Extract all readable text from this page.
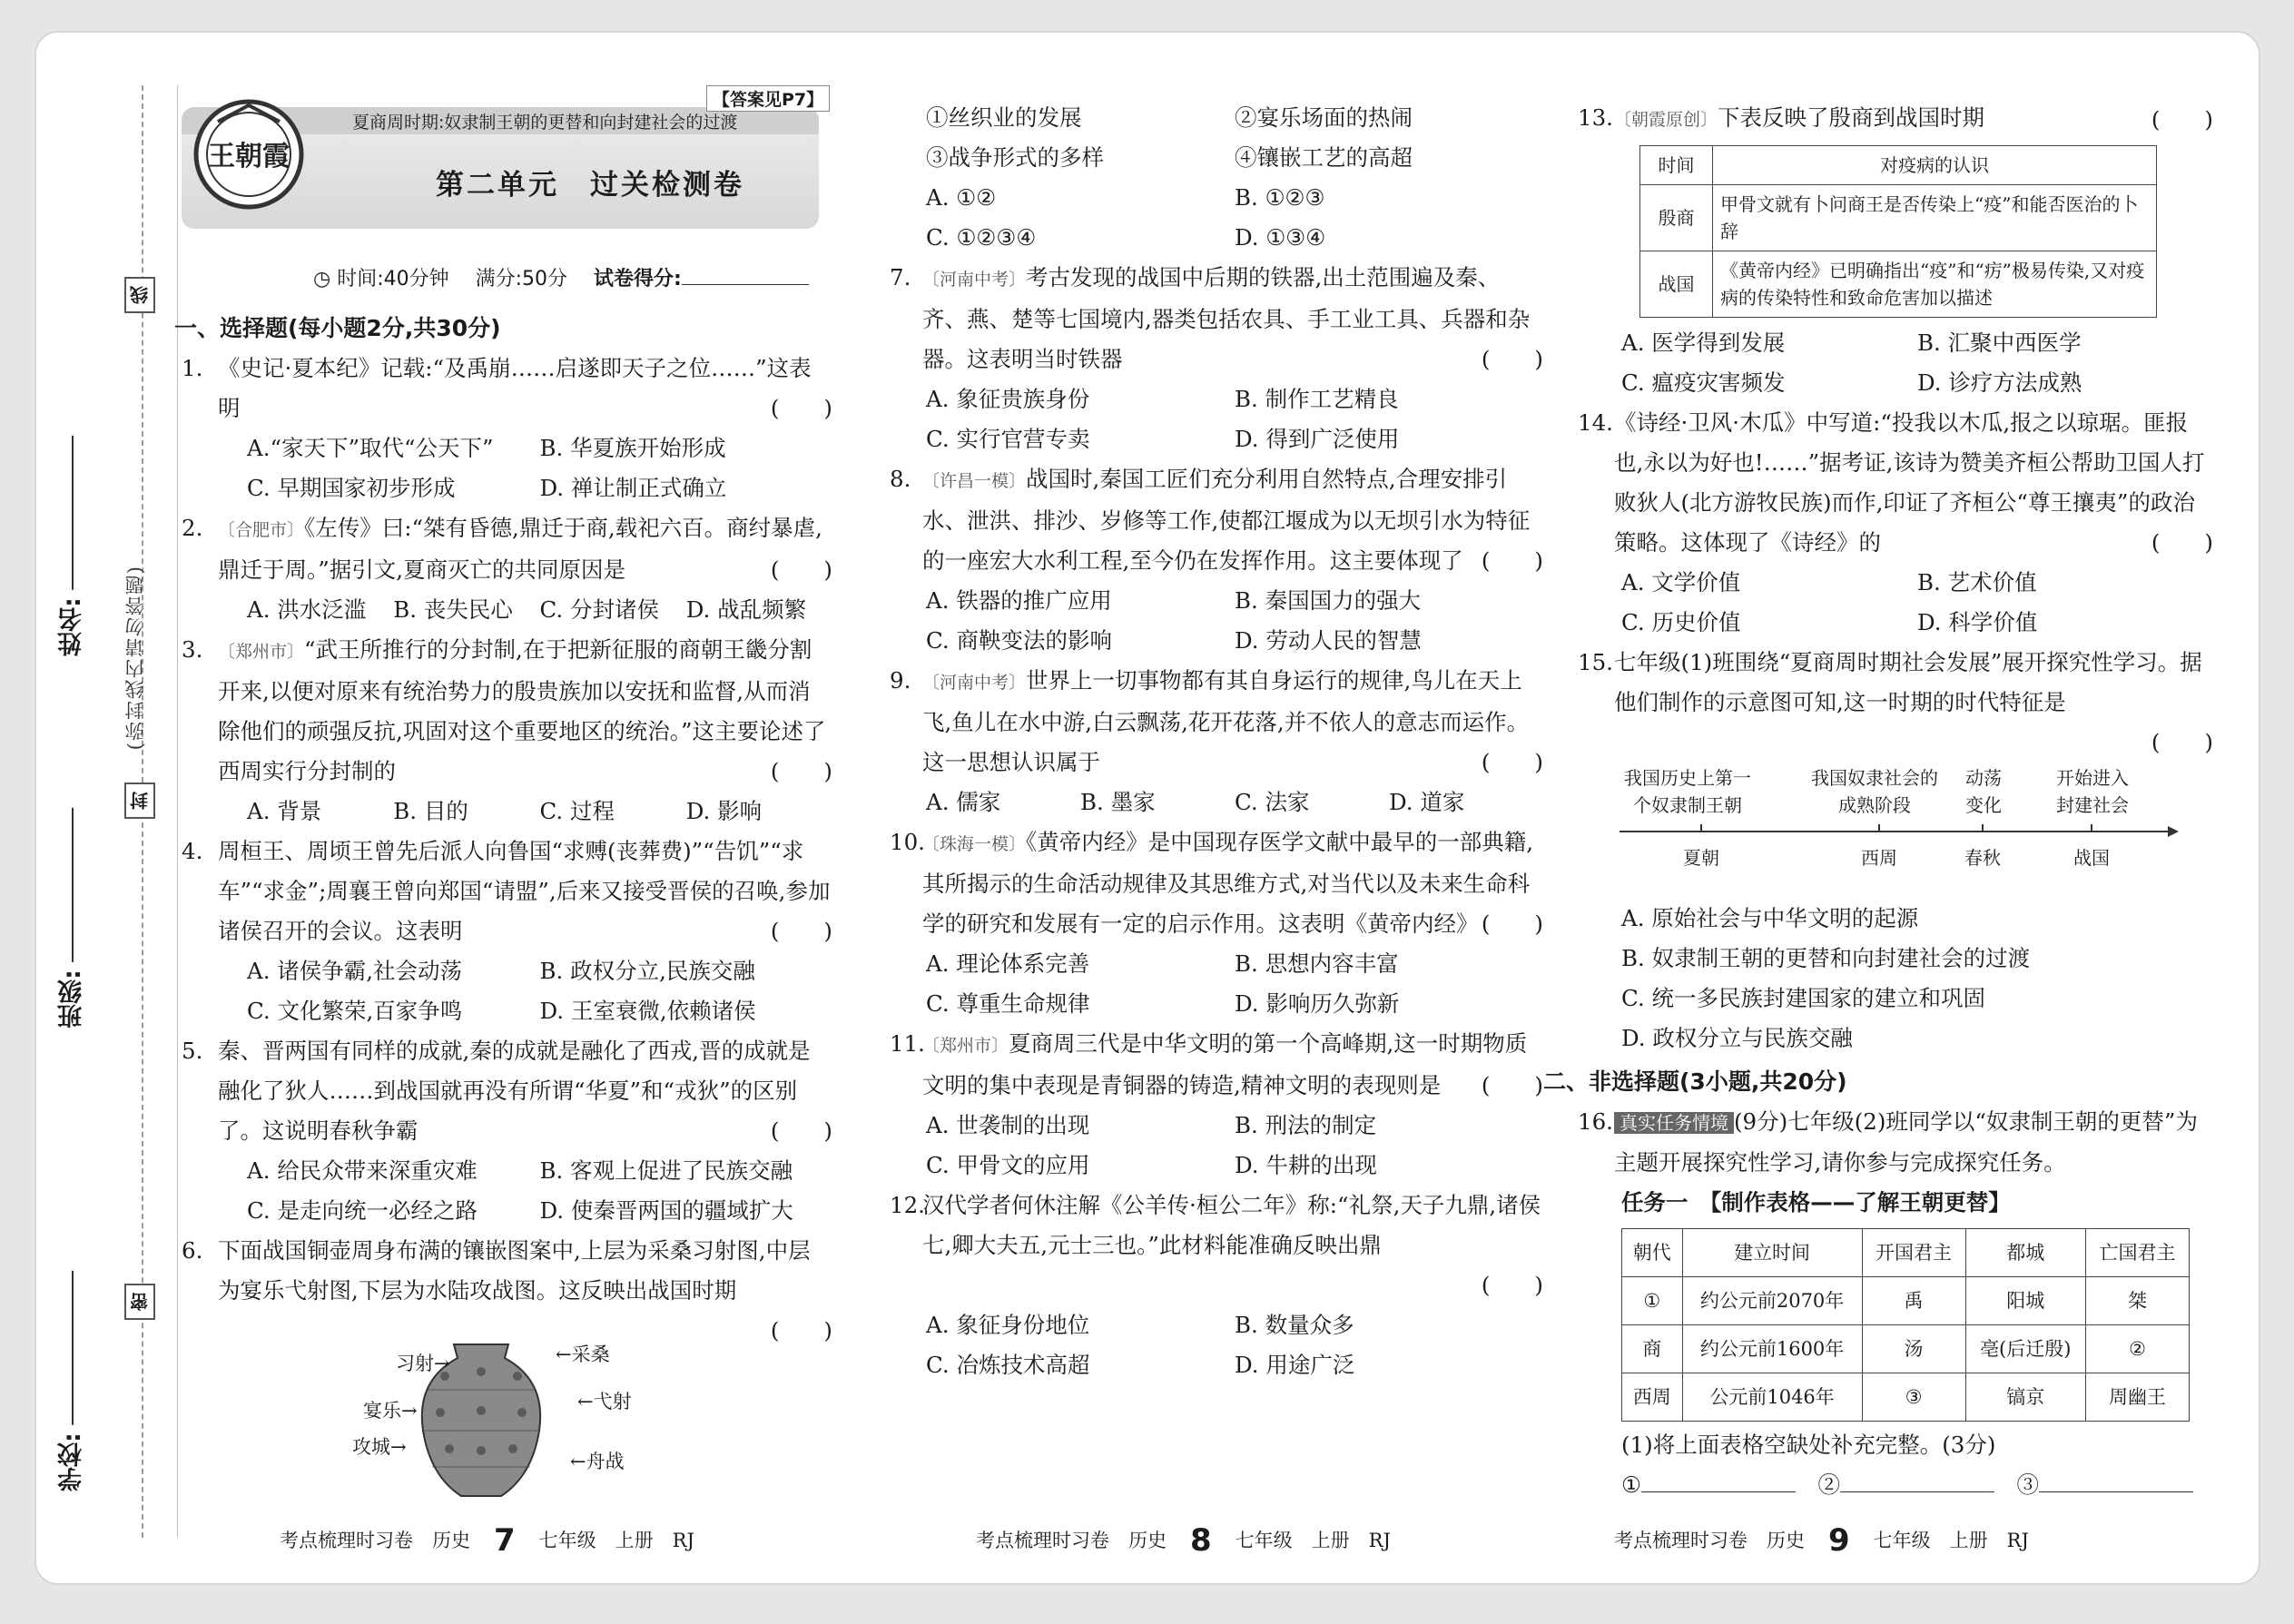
姓名:
班级:
学校:
线
封
密
(弥封线内请勿答题)
夏商周时期:奴隶制王朝的更替和向封建社会的过渡
第二单元　过关检测卷
【答案见P7】
王朝霞
◷ 时间:40分钟　 满分:50分　 试卷得分:
一、选择题(每小题2分,共30分)
1. 《史记·夏本纪》记载:“及禹崩……启遂即天子之位……”这表明	(　　)
A.“家天下”取代“公天下”	B. 华夏族开始形成
C. 早期国家初步形成	D. 禅让制正式确立
2. 〔合肥市〕《左传》曰:“桀有昏德,鼎迁于商,载祀六百。商纣暴虐,鼎迁于周。”据引文,夏商灭亡的共同原因是	(　　)
A. 洪水泛滥	B. 丧失民心	C. 分封诸侯	D. 战乱频繁
3. 〔郑州市〕“武王所推行的分封制,在于把新征服的商朝王畿分割开来,以便对原来有统治势力的殷贵族加以安抚和监督,从而消除他们的顽强反抗,巩固对这个重要地区的统治。”这主要论述了西周实行分封制的	(　　)
A. 背景	B. 目的	C. 过程	D. 影响
4. 周桓王、周顷王曾先后派人向鲁国“求赙(丧葬费)”“告饥”“求车”“求金”;周襄王曾向郑国“请盟”,后来又接受晋侯的召唤,参加诸侯召开的会议。这表明	(　　)
A. 诸侯争霸,社会动荡	B. 政权分立,民族交融
C. 文化繁荣,百家争鸣	D. 王室衰微,依赖诸侯
5. 秦、晋两国有同样的成就,秦的成就是融化了西戎,晋的成就是融化了狄人……到战国就再没有所谓“华夏”和“戎狄”的区别了。这说明春秋争霸	(　　)
A. 给民众带来深重灾难	B. 客观上促进了民族交融
C. 是走向统一必经之路	D. 使秦晋两国的疆域扩大
6. 下面战国铜壶周身布满的镶嵌图案中,上层为采桑习射图,中层为宴乐弋射图,下层为水陆攻战图。这反映出战国时期
(　　)
习射→	←采桑
宴乐→	←弋射
攻城→
←舟战
①丝织业的发展	②宴乐场面的热闹
③战争形式的多样	④镶嵌工艺的高超
A. ①②	B. ①②③
C. ①②③④	D. ①③④
7. 〔河南中考〕考古发现的战国中后期的铁器,出土范围遍及秦、齐、燕、楚等七国境内,器类包括农具、手工业工具、兵器和杂器。这表明当时铁器	(　　)
A. 象征贵族身份	B. 制作工艺精良
C. 实行官营专卖	D. 得到广泛使用
8. 〔许昌一模〕战国时,秦国工匠们充分利用自然特点,合理安排引水、泄洪、排沙、岁修等工作,使都江堰成为以无坝引水为特征的一座宏大水利工程,至今仍在发挥作用。这主要体现了 (　　)
A. 铁器的推广应用	B. 秦国国力的强大
C. 商鞅变法的影响	D. 劳动人民的智慧
9. 〔河南中考〕世界上一切事物都有其自身运行的规律,鸟儿在天上飞,鱼儿在水中游,白云飘荡,花开花落,并不依人的意志而运作。这一思想认识属于	(　　)
A. 儒家	B. 墨家	C. 法家	D. 道家
10.
〔珠海一模〕《黄帝内经》是中国现存医学文献中最早的一部典籍,其所揭示的生命活动规律及其思维方式,对当代以及未来生命科学的研究和发展有一定的启示作用。这表明《黄帝内经》 (　　)
A. 理论体系完善	B. 思想内容丰富
C. 尊重生命规律	D. 影响历久弥新
11.
〔郑州市〕夏商周三代是中华文明的第一个高峰期,这一时期物质文明的集中表现是青铜器的铸造,精神文明的表现则是 (　　)
A. 世袭制的出现	B. 刑法的制定
C. 甲骨文的应用	D. 牛耕的出现
12.
汉代学者何休注解《公羊传·桓公二年》称:“礼祭,天子九鼎,诸侯七,卿大夫五,元士三也。”此材料能准确反映出鼎
(　　)
A. 象征身份地位	B. 数量众多
C. 冶炼技术高超	D. 用途广泛
13. 〔朝霞原创〕下表反映了殷商到战国时期	(　　)
时间	对疫病的认识
殷商	甲骨文就有卜问商王是否传染上“疫”和能否医治的卜辞
战国	《黄帝内经》已明确指出“疫”和“疠”极易传染,又对疫病的传染特性和致命危害加以描述
A. 医学得到发展	B. 汇聚中西医学
C. 瘟疫灾害频发	D. 诊疗方法成熟
14. 《诗经·卫风·木瓜》中写道:“投我以木瓜,报之以琼琚。匪报也,永以为好也!……”据考证,该诗为赞美齐桓公帮助卫国人打败狄人(北方游牧民族)而作,印证了齐桓公“尊王攘夷”的政治策略。这体现了《诗经》的	(　　)
A. 文学价值	B. 艺术价值
C. 历史价值	D. 科学价值
15. 七年级(1)班围绕“夏商周时期社会发展”展开探究性学习。据他们制作的示意图可知,这一时期的时代特征是
(　　)
我国历史上第一个奴隶制王朝
我国奴隶社会的成熟阶段
动荡变化
开始进入封建社会
夏朝	西周	春秋	战国
A. 原始社会与中华文明的起源
B. 奴隶制王朝的更替和向封建社会的过渡
C. 统一多民族封建国家的建立和巩固
D. 政权分立与民族交融
二、非选择题(3小题,共20分)
16. 真实任务情境 (9分)七年级(2)班同学以“奴隶制王朝的更替”为主题开展探究性学习,请你参与完成探究任务。
任务一　【制作表格——了解王朝更替】
朝代	建立时间	开国君主	都城	亡国君主
①	约公元前2070年	禹	阳城	桀
商	约公元前1600年	汤	亳(后迁殷)	②
西周	公元前1046年	③	镐京	周幽王
(1)将上面表格空缺处补充完整。(3分)
①　	②　	③
考点梳理时习卷　历史 7 七年级　上册　RJ	考点梳理时习卷　历史 8 七年级　上册　RJ	考点梳理时习卷　历史 9 七年级　上册　RJ
